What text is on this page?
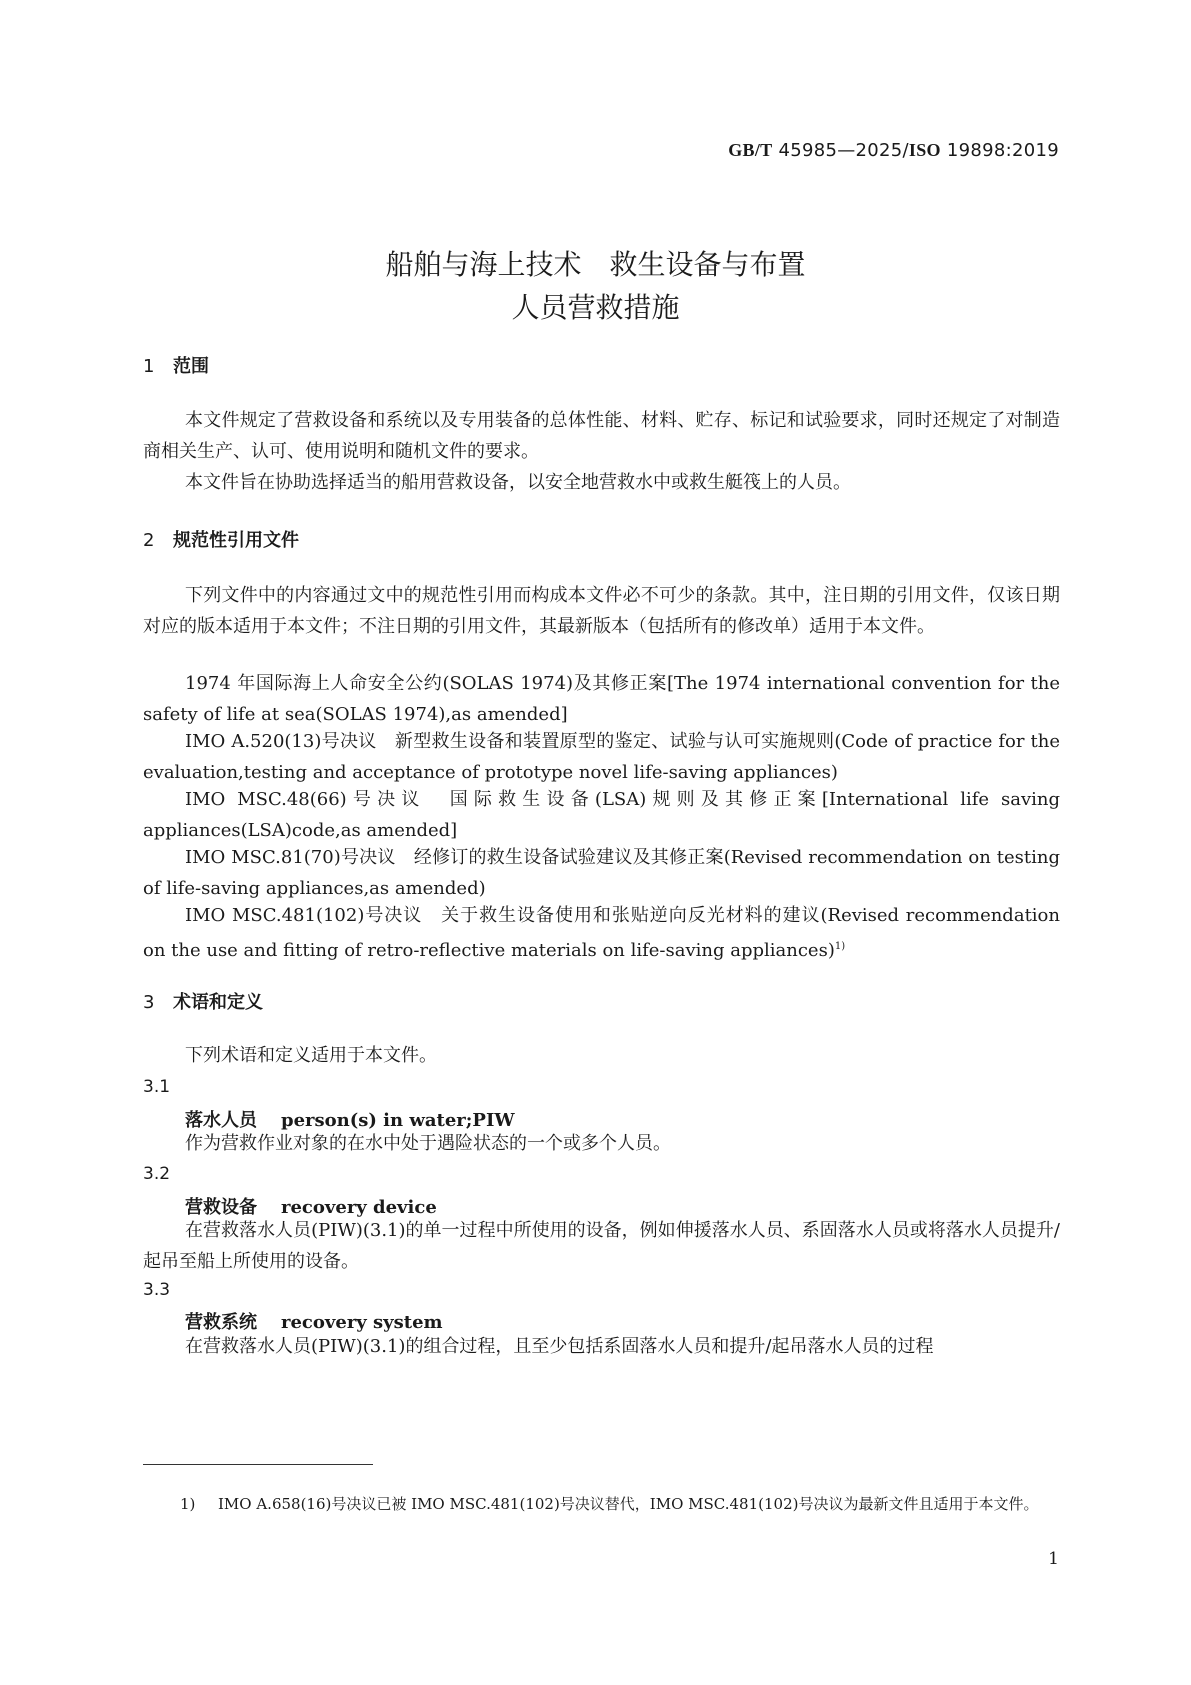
GB/T 45985—2025/ISO 19898:2019
船舶与海上技术 救生设备与布置
人员营救措施
1 范围

本文件规定了营救设备和系统以及专用装备的总体性能、材料、贮存、标记和试验要求，同时还规定了对制造商相关生产、认可、使用说明和随机文件的要求。

本文件旨在协助选择适当的船用营救设备，以安全地营救水中或救生艇筏上的人员。

2 规范性引用文件

下列文件中的内容通过文中的规范性引用而构成本文件必不可少的条款。其中，注日期的引用文件，仅该日期对应的版本适用于本文件；不注日期的引用文件，其最新版本（包括所有的修改单）适用于本文件。

1974 年国际海上人命安全公约(SOLAS 1974)及其修正案[The 1974 international convention for the safety of life at sea(SOLAS 1974),as amended]

IMO A.520(13)号决议　新型救生设备和装置原型的鉴定、试验与认可实施规则(Code of practice for the evaluation,testing and acceptance of prototype novel life-saving appliances)

IMO MSC.48(66)号决议　国际救生设备(LSA)规则及其修正案[International life saving appliances(LSA)code,as amended]

IMO MSC.81(70)号决议　经修订的救生设备试验建议及其修正案(Revised recommendation on testing of life-saving appliances,as amended)

IMO MSC.481(102)号决议　关于救生设备使用和张贴逆向反光材料的建议(Revised recommendation on the use and fitting of retro-reflective materials on life-saving appliances)$^{1)}$

3 术语和定义

下列术语和定义适用于本文件。

3.1
落水人员 person(s) in water;PIW

作为营救作业对象的在水中处于遇险状态的一个或多个人员。

3.2
营救设备 recovery device

在营救落水人员(PIW)(3.1)的单一过程中所使用的设备，例如伸援落水人员、系固落水人员或将落水人员提升/起吊至船上所使用的设备。

3.3
营救系统 recovery system

在营救落水人员(PIW)(3.1)的组合过程，且至少包括系固落水人员和提升/起吊落水人员的过程

1) IMO A.658(16)号决议已被 IMO MSC.481(102)号决议替代，IMO MSC.481(102)号决议为最新文件且适用于本文件。
1
